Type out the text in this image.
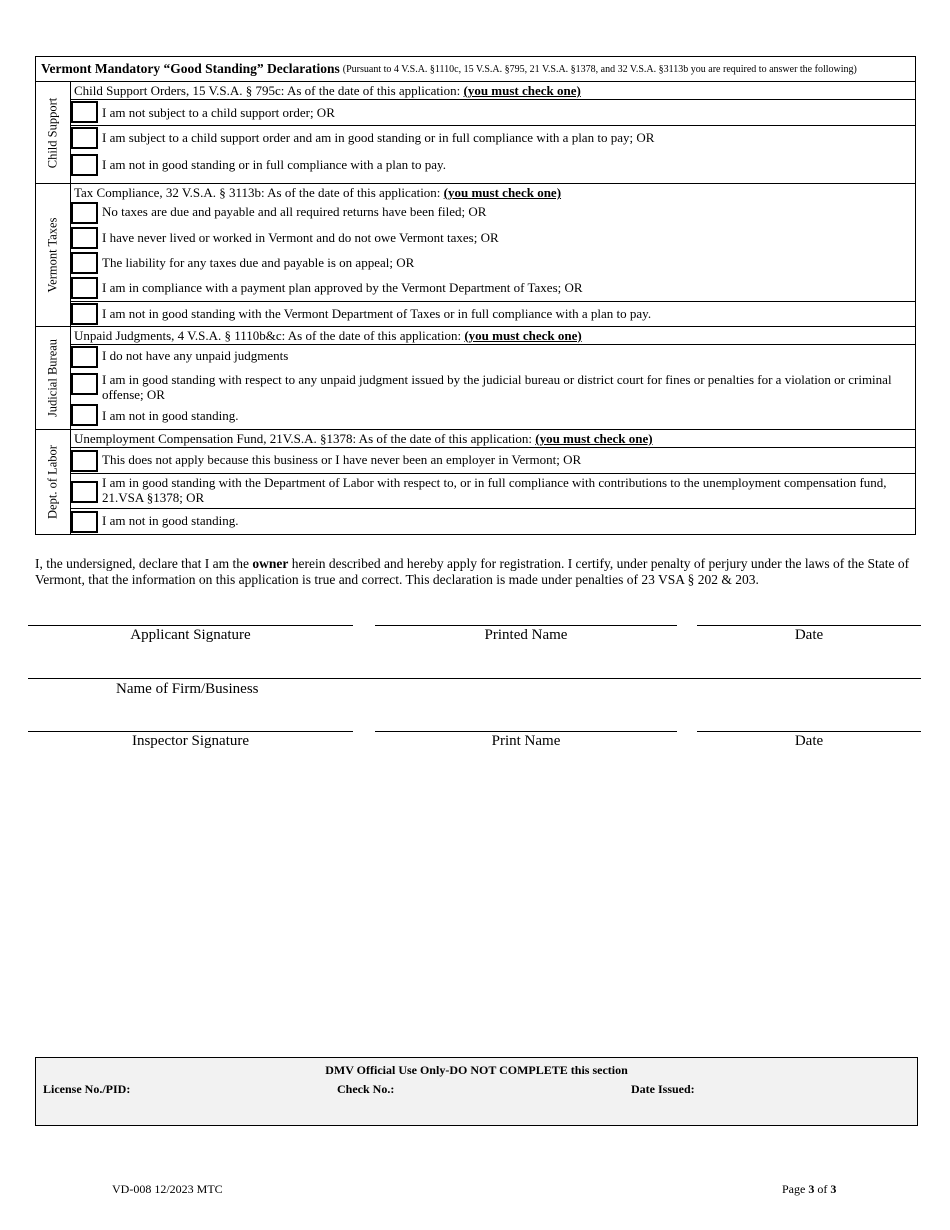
Vermont Mandatory “Good Standing” Declarations (Pursuant to 4 V.S.A. §1110c, 15 V.S.A. §795, 21 V.S.A. §1378, and 32 V.S.A. §3113b you are required to answer the following)
Child Support
Child Support Orders, 15 V.S.A. § 795c: As of the date of this application: (you must check one)
I am not subject to a child support order; OR
I am subject to a child support order and am in good standing or in full compliance with a plan to pay; OR
I am not in good standing or in full compliance with a plan to pay.
Vermont Taxes
Tax Compliance, 32 V.S.A. § 3113b: As of the date of this application: (you must check one)
No taxes are due and payable and all required returns have been filed; OR
I have never lived or worked in Vermont and do not owe Vermont taxes; OR
The liability for any taxes due and payable is on appeal; OR
I am in compliance with a payment plan approved by the Vermont Department of Taxes; OR
I am not in good standing with the Vermont Department of Taxes or in full compliance with a plan to pay.
Judicial Bureau
Unpaid Judgments, 4 V.S.A. § 1110b&c: As of the date of this application: (you must check one)
I do not have any unpaid judgments
I am in good standing with respect to any unpaid judgment issued by the judicial bureau or district court for fines or penalties for a violation or criminal offense; OR
I am not in good standing.
Dept. of Labor
Unemployment Compensation Fund, 21V.S.A. §1378: As of the date of this application: (you must check one)
This does not apply because this business or I have never been an employer in Vermont; OR
I am in good standing with the Department of Labor with respect to, or in full compliance with contributions to the unemployment compensation fund, 21.VSA §1378; OR
I am not in good standing.
I, the undersigned, declare that I am the owner herein described and hereby apply for registration. I certify, under penalty of perjury under the laws of the State of Vermont, that the information on this application is true and correct. This declaration is made under penalties of 23 VSA § 202 & 203.
Applicant Signature	Printed Name	Date
Name of Firm/Business
Inspector Signature	Print Name	Date
DMV Official Use Only-DO NOT COMPLETE this section
License No./PID:	Check No.:	Date Issued:
VD-008 12/2023 MTC	Page 3 of 3
